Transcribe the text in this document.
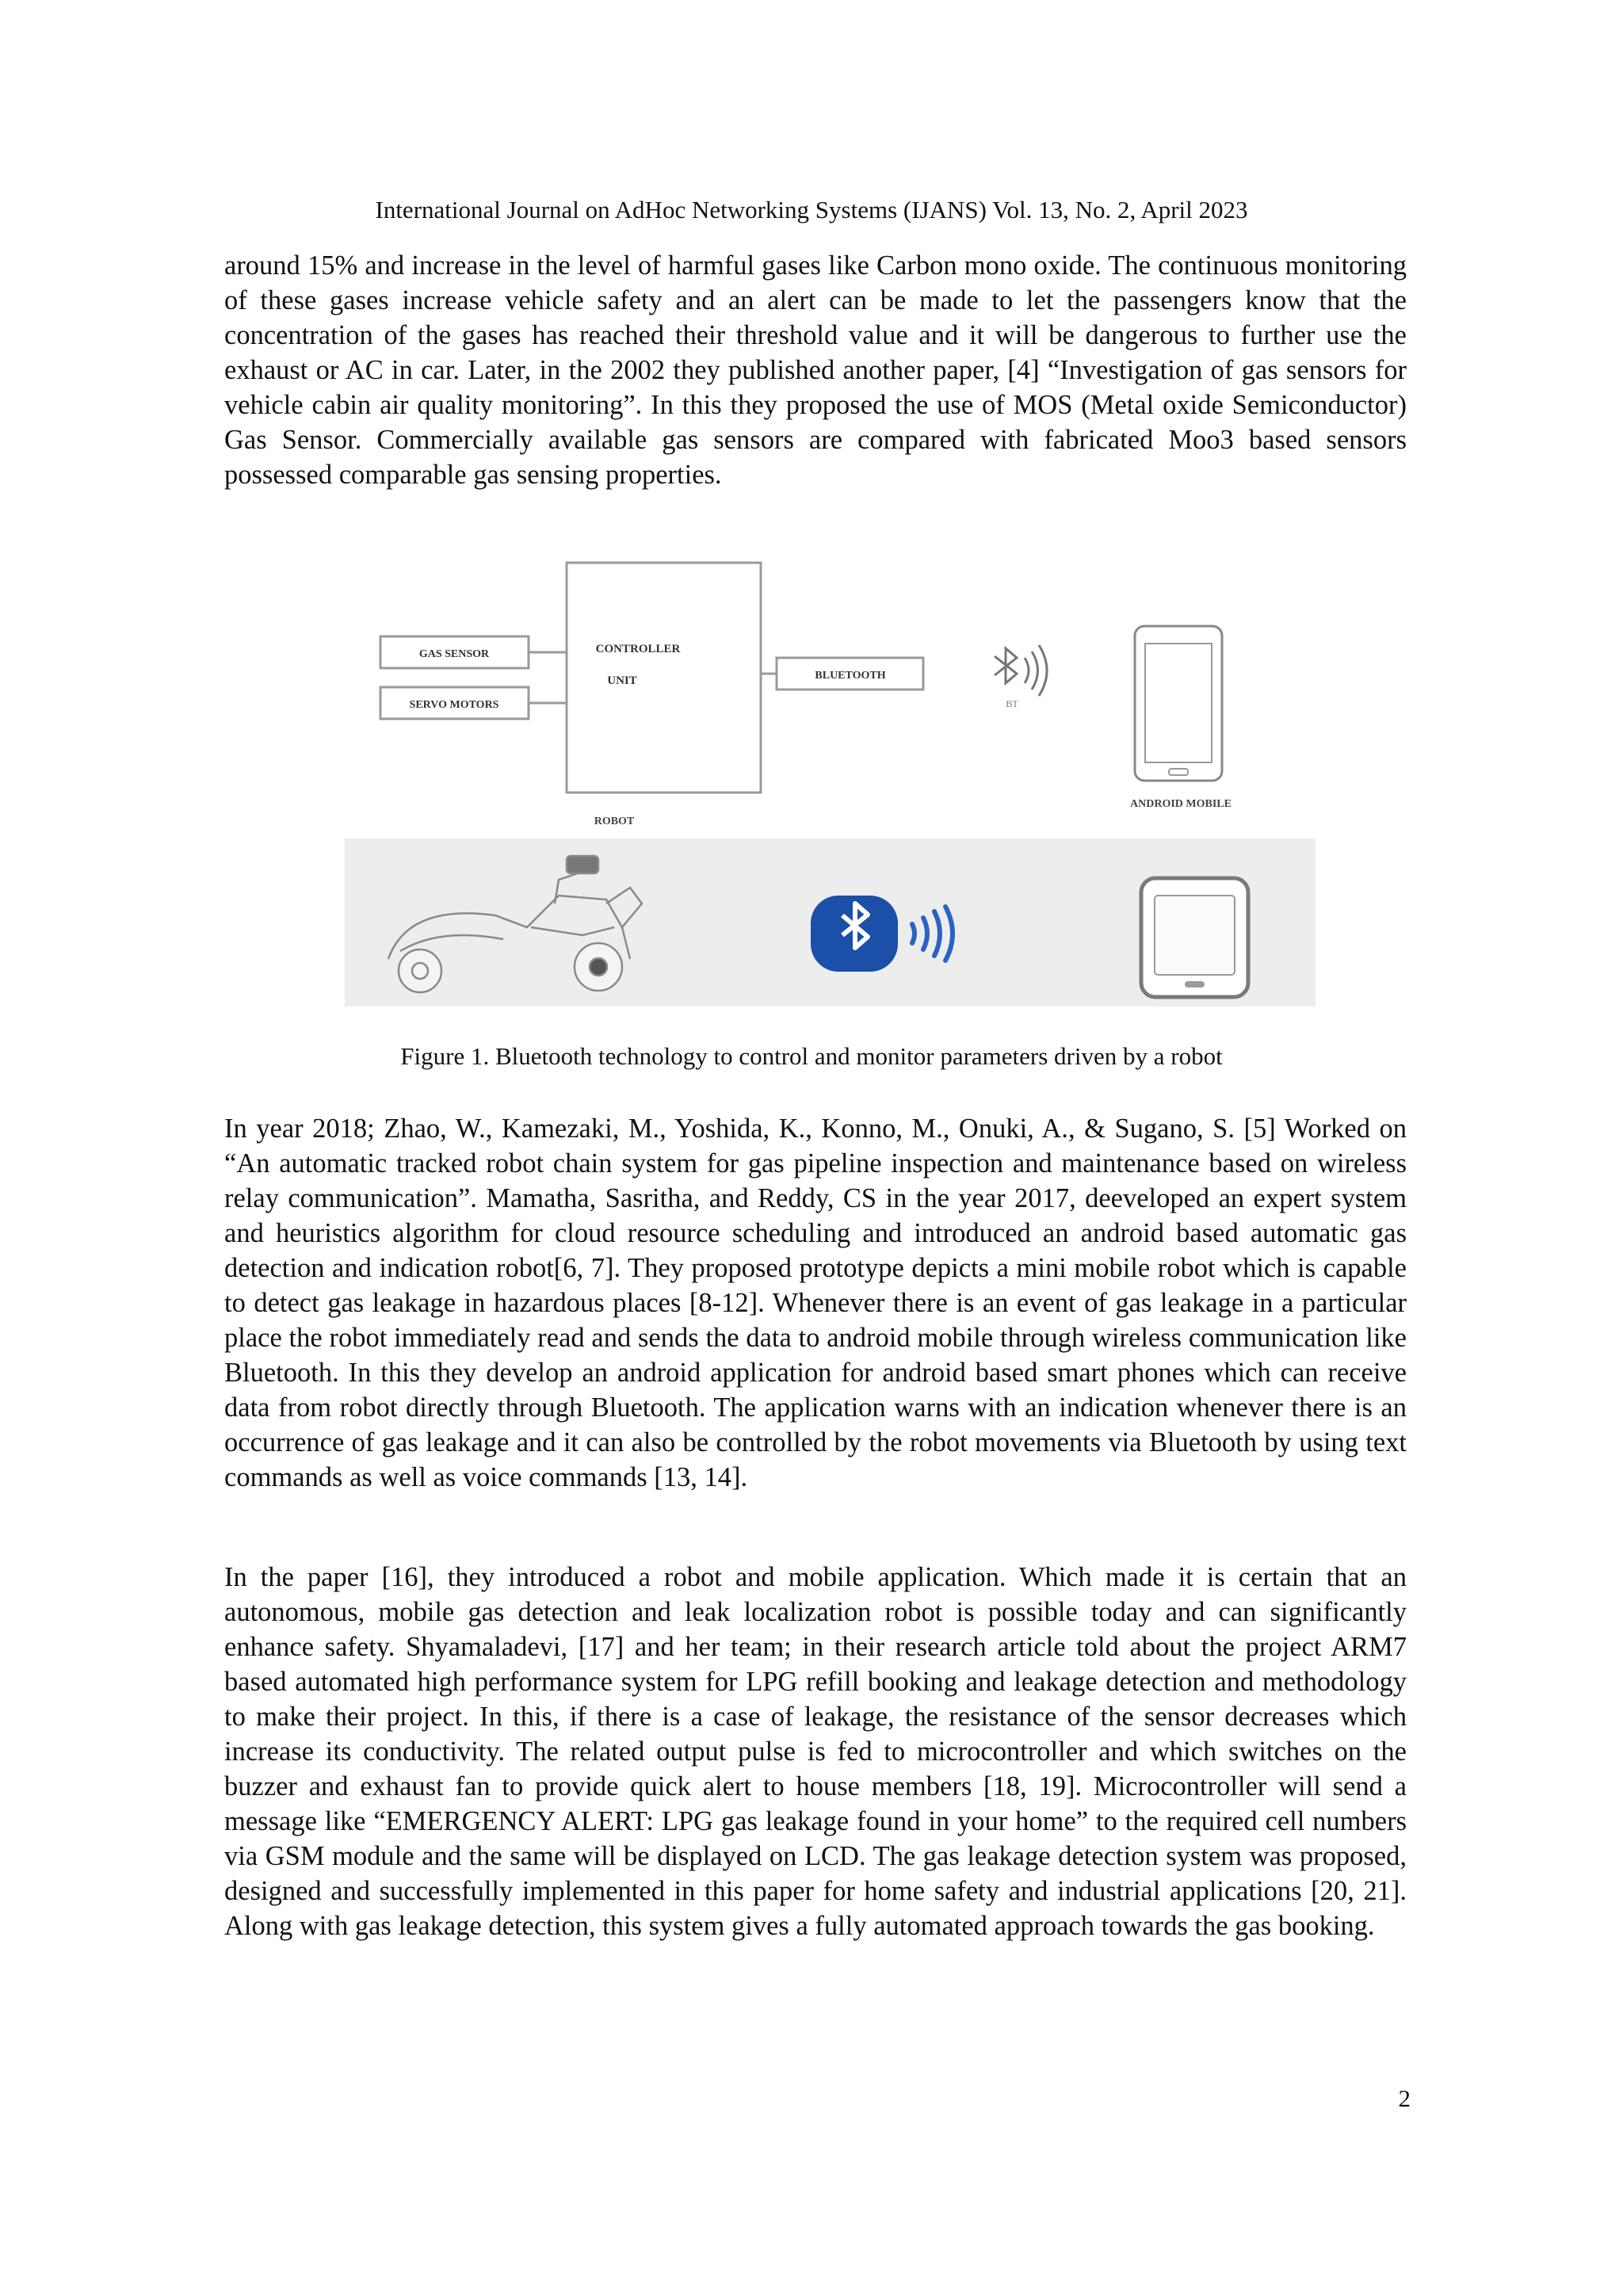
International Journal on AdHoc Networking Systems (IJANS) Vol. 13, No. 2, April 2023

around 15% and increase in the level of harmful gases like Carbon mono oxide. The continuous monitoring of these gases increase vehicle safety and an alert can be made to let the passengers know that the concentration of the gases has reached their threshold value and it will be dangerous to further use the exhaust or AC in car. Later, in the 2002 they published another paper, [4] “Investigation of gas sensors for vehicle cabin air quality monitoring”. In this they proposed the use of MOS (Metal oxide Semiconductor) Gas Sensor. Commercially available gas sensors are compared with fabricated Moo3 based sensors possessed comparable gas sensing properties.

CONTROLLER
UNIT
GAS SENSOR
SERVO MOTORS
BLUETOOTH
BT
ANDROID MOBILE
ROBOT
Figure 1. Bluetooth technology to control and monitor parameters driven by a robot

In year 2018; Zhao, W., Kamezaki, M., Yoshida, K., Konno, M., Onuki, A., & Sugano, S. [5] Worked on “An automatic tracked robot chain system for gas pipeline inspection and maintenance based on wireless relay communication”. Mamatha, Sasritha, and Reddy, CS in the year 2017, deeveloped an expert system and heuristics algorithm for cloud resource scheduling and introduced an android based automatic gas detection and indication robot[6, 7]. They proposed prototype depicts a mini mobile robot which is capable to detect gas leakage in hazardous places [8-12]. Whenever there is an event of gas leakage in a particular place the robot immediately read and sends the data to android mobile through wireless communication like Bluetooth. In this they develop an android application for android based smart phones which can receive data from robot directly through Bluetooth. The application warns with an indication whenever there is an occurrence of gas leakage and it can also be controlled by the robot movements via Bluetooth by using text commands as well as voice commands [13, 14].

In the paper [16], they introduced a robot and mobile application. Which made it is certain that an autonomous, mobile gas detection and leak localization robot is possible today and can significantly enhance safety. Shyamaladevi, [17] and her team; in their research article told about the project ARM7 based automated high performance system for LPG refill booking and leakage detection and methodology to make their project. In this, if there is a case of leakage, the resistance of the sensor decreases which increase its conductivity. The related output pulse is fed to microcontroller and which switches on the buzzer and exhaust fan to provide quick alert to house members [18, 19]. Microcontroller will send a message like “EMERGENCY ALERT: LPG gas leakage found in your home” to the required cell numbers via GSM module and the same will be displayed on LCD. The gas leakage detection system was proposed, designed and successfully implemented in this paper for home safety and industrial applications [20, 21]. Along with gas leakage detection, this system gives a fully automated approach towards the gas booking.

2
